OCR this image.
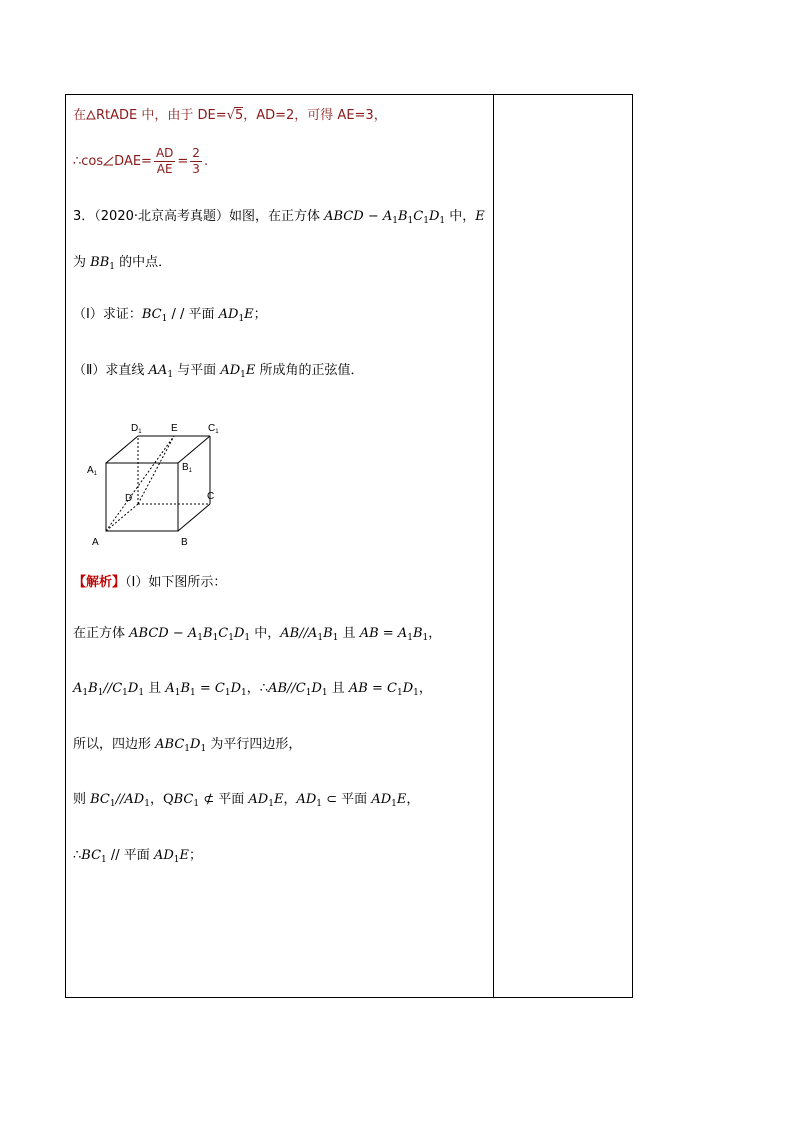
在 RtADE 中，由于 DE=√5，AD=2，可得 AE=3，
∴cos $DAE= \frac{AD}{AE} = \frac{2}{3}$ .
3．（2020·北京高考真题）如图，在正方体 ABCD − $A_1B_1C_1D_1$ 中，E
为 $BB_1$ 的中点．
（Ⅰ）求证：$BC_1$ / / 平面 $AD_1E$；
（Ⅱ）求直线 $AA_1$ 与平面 $AD_1E$ 所成角的正弦值．
$D_1$	E	$C_1$
$A_1$
$B_1$
D	C
A	B
【解析】（Ⅰ）如下图所示：
在正方体 ABCD − $A_1B_1C_1D_1$ 中，$AB//A_1B_1$ 且 AB = $A_1B_1$，
$A_1B_1//C_1D_1$ 且 $A_1B_1 = C_1D_1$，$\therefore AB//C_1D_1$ 且 AB = $C_1D_1$，
所以，四边形 $ABC_1D_1$ 为平行四边形，
则 $BC_1//AD_1$，$QBC_1$ ⊄ 平面 $AD_1E$，$AD_1$ ⊂ 平面 $AD_1E$，
$\therefore BC_1$ // 平面 $AD_1E$；
